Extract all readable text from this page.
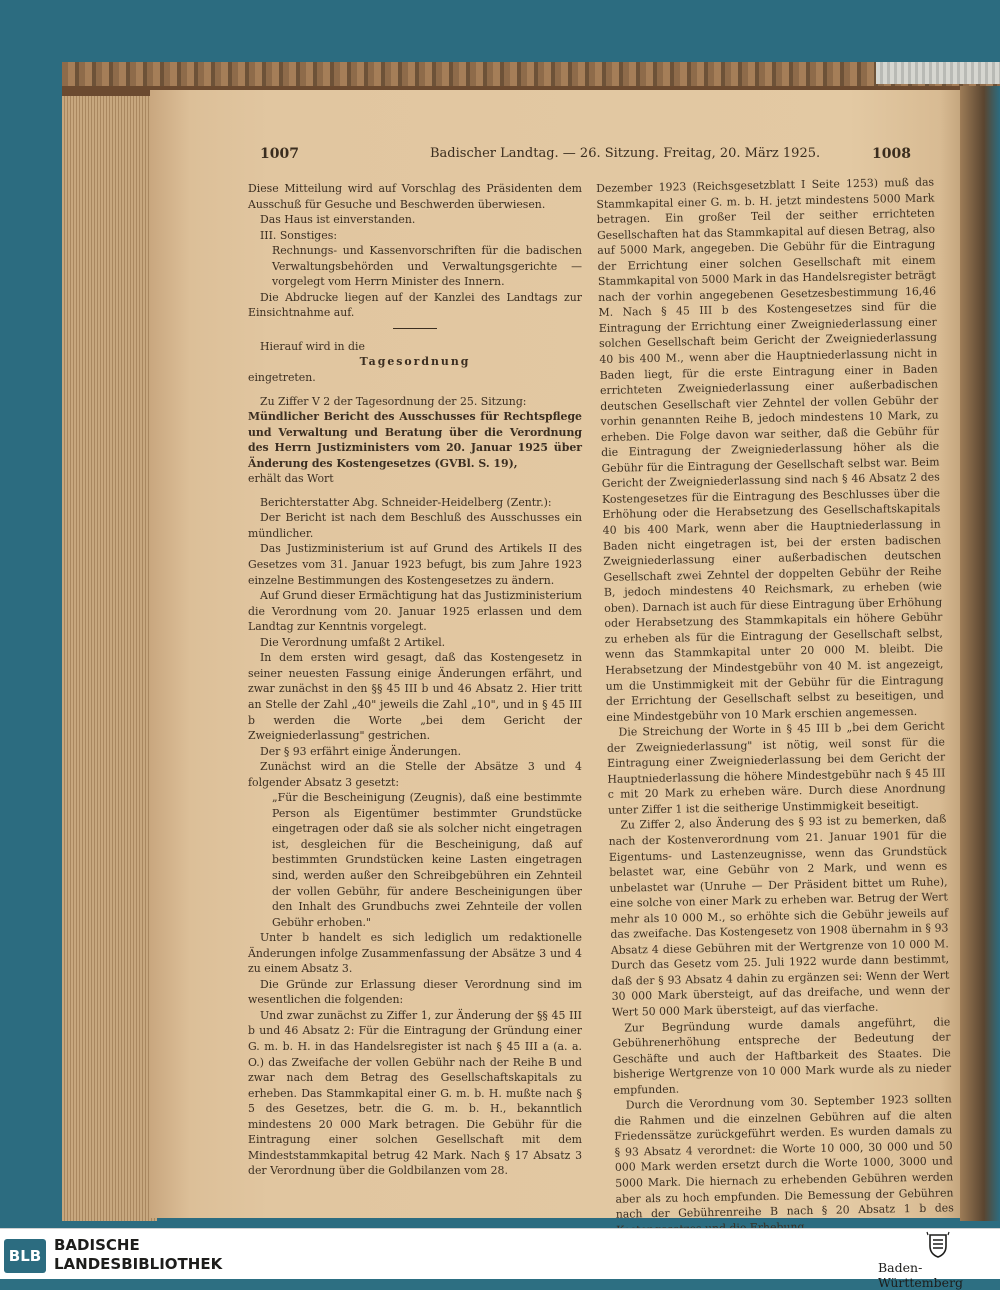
1007	Badischer Landtag. — 26. Sitzung. Freitag, 20. März 1925.	1008

Diese Mitteilung wird auf Vorschlag des Präsidenten dem Ausschuß für Gesuche und Beschwerden überwiesen.

Das Haus ist einverstanden.

III. Sonstiges:

Rechnungs- und Kassenvorschriften für die badischen Verwaltungsbehörden und Verwaltungsgerichte — vorgelegt vom Herrn Minister des Innern.

Die Abdrucke liegen auf der Kanzlei des Landtags zur Einsichtnahme auf.

Hierauf wird in die

Tagesordnung

eingetreten.

Zu Ziffer V 2 der Tagesordnung der 25. Sitzung:

Mündlicher Bericht des Ausschusses für Rechtspflege und Verwaltung und Beratung über die Verordnung des Herrn Justizministers vom 20. Januar 1925 über Änderung des Kostengesetzes (GVBl. S. 19),

erhält das Wort

Berichterstatter Abg. Schneider-Heidelberg (Zentr.):

Der Bericht ist nach dem Beschluß des Ausschusses ein mündlicher.

Das Justizministerium ist auf Grund des Artikels II des Gesetzes vom 31. Januar 1923 befugt, bis zum Jahre 1923 einzelne Bestimmungen des Kostengesetzes zu ändern.

Auf Grund dieser Ermächtigung hat das Justizministerium die Verordnung vom 20. Januar 1925 erlassen und dem Landtag zur Kenntnis vorgelegt.

Die Verordnung umfaßt 2 Artikel.

In dem ersten wird gesagt, daß das Kostengesetz in seiner neuesten Fassung einige Änderungen erfährt, und zwar zunächst in den §§ 45 III b und 46 Absatz 2. Hier tritt an Stelle der Zahl „40" jeweils die Zahl „10", und in § 45 III b werden die Worte „bei dem Gericht der Zweigniederlassung" gestrichen.

Der § 93 erfährt einige Änderungen.

Zunächst wird an die Stelle der Absätze 3 und 4 folgender Absatz 3 gesetzt:

„Für die Bescheinigung (Zeugnis), daß eine bestimmte Person als Eigentümer bestimmter Grundstücke eingetragen oder daß sie als solcher nicht eingetragen ist, desgleichen für die Bescheinigung, daß auf bestimmten Grundstücken keine Lasten eingetragen sind, werden außer den Schreibgebühren ein Zehnteil der vollen Gebühr, für andere Bescheinigungen über den Inhalt des Grundbuchs zwei Zehnteile der vollen Gebühr erhoben."

Unter b handelt es sich lediglich um redaktionelle Änderungen infolge Zusammenfassung der Absätze 3 und 4 zu einem Absatz 3.

Die Gründe zur Erlassung dieser Verordnung sind im wesentlichen die folgenden:

Und zwar zunächst zu Ziffer 1, zur Änderung der §§ 45 III b und 46 Absatz 2: Für die Eintragung der Gründung einer G. m. b. H. in das Handelsregister ist nach § 45 III a (a. a. O.) das Zweifache der vollen Gebühr nach der Reihe B und zwar nach dem Betrag des Gesellschaftskapitals zu erheben. Das Stammkapital einer G. m. b. H. mußte nach § 5 des Gesetzes, betr. die G. m. b. H., bekanntlich mindestens 20 000 Mark betragen. Die Gebühr für die Eintragung einer solchen Gesellschaft mit dem Mindeststammkapital betrug 42 Mark. Nach § 17 Absatz 3 der Verordnung über die Goldbilanzen vom 28.

Dezember 1923 (Reichsgesetzblatt I Seite 1253) muß das Stammkapital einer G. m. b. H. jetzt mindestens 5000 Mark betragen. Ein großer Teil der seither errichteten Gesellschaften hat das Stammkapital auf diesen Betrag, also auf 5000 Mark, angegeben. Die Gebühr für die Eintragung der Errichtung einer solchen Gesellschaft mit einem Stammkapital von 5000 Mark in das Handelsregister beträgt nach der vorhin angegebenen Gesetzesbestimmung 16,46 M. Nach § 45 III b des Kostengesetzes sind für die Eintragung der Errichtung einer Zweigniederlassung einer solchen Gesellschaft beim Gericht der Zweigniederlassung 40 bis 400 M., wenn aber die Hauptniederlassung nicht in Baden liegt, für die erste Eintragung einer in Baden errichteten Zweigniederlassung einer außerbadischen deutschen Gesellschaft vier Zehntel der vollen Gebühr der vorhin genannten Reihe B, jedoch mindestens 10 Mark, zu erheben. Die Folge davon war seither, daß die Gebühr für die Eintragung der Zweigniederlassung höher als die Gebühr für die Eintragung der Gesellschaft selbst war. Beim Gericht der Zweigniederlassung sind nach § 46 Absatz 2 des Kostengesetzes für die Eintragung des Beschlusses über die Erhöhung oder die Herabsetzung des Gesellschaftskapitals 40 bis 400 Mark, wenn aber die Hauptniederlassung in Baden nicht eingetragen ist, bei der ersten badischen Zweigniederlassung einer außerbadischen deutschen Gesellschaft zwei Zehntel der doppelten Gebühr der Reihe B, jedoch mindestens 40 Reichsmark, zu erheben (wie oben). Darnach ist auch für diese Eintragung über Erhöhung oder Herabsetzung des Stammkapitals ein höhere Gebühr zu erheben als für die Eintragung der Gesellschaft selbst, wenn das Stammkapital unter 20 000 M. bleibt. Die Herabsetzung der Mindestgebühr von 40 M. ist angezeigt, um die Unstimmigkeit mit der Gebühr für die Eintragung der Errichtung der Gesellschaft selbst zu beseitigen, und eine Mindestgebühr von 10 Mark erschien angemessen.

Die Streichung der Worte in § 45 III b „bei dem Gericht der Zweigniederlassung" ist nötig, weil sonst für die Eintragung einer Zweigniederlassung bei dem Gericht der Hauptniederlassung die höhere Mindestgebühr nach § 45 III c mit 20 Mark zu erheben wäre. Durch diese Anordnung unter Ziffer 1 ist die seitherige Unstimmigkeit beseitigt.

Zu Ziffer 2, also Änderung des § 93 ist zu bemerken, daß nach der Kostenverordnung vom 21. Januar 1901 für die Eigentums- und Lastenzeugnisse, wenn das Grundstück belastet war, eine Gebühr von 2 Mark, und wenn es unbelastet war (Unruhe — Der Präsident bittet um Ruhe), eine solche von einer Mark zu erheben war. Betrug der Wert mehr als 10 000 M., so erhöhte sich die Gebühr jeweils auf das zweifache. Das Kostengesetz von 1908 übernahm in § 93 Absatz 4 diese Gebühren mit der Wertgrenze von 10 000 M. Durch das Gesetz vom 25. Juli 1922 wurde dann bestimmt, daß der § 93 Absatz 4 dahin zu ergänzen sei: Wenn der Wert 30 000 Mark übersteigt, auf das dreifache, und wenn der Wert 50 000 Mark übersteigt, auf das vierfache.

Zur Begründung wurde damals angeführt, die Gebührenerhöhung entspreche der Bedeutung der Geschäfte und auch der Haftbarkeit des Staates. Die bisherige Wertgrenze von 10 000 Mark wurde als zu nieder empfunden.

Durch die Verordnung vom 30. September 1923 sollten die Rahmen und die einzelnen Gebühren auf die alten Friedenssätze zurückgeführt werden. Es wurden damals zu § 93 Absatz 4 verordnet: die Worte 10 000, 30 000 und 50 000 Mark werden ersetzt durch die Worte 1000, 3000 und 5000 Mark. Die hiernach zu erhebenden Gebühren werden aber als zu hoch empfunden. Die Bemessung der Gebühren nach der Gebührenreihe B nach § 20 Absatz 1 b des Erhebung

BLB
BADISCHE
LANDESBIBLIOTHEK	Baden-Württemberg
